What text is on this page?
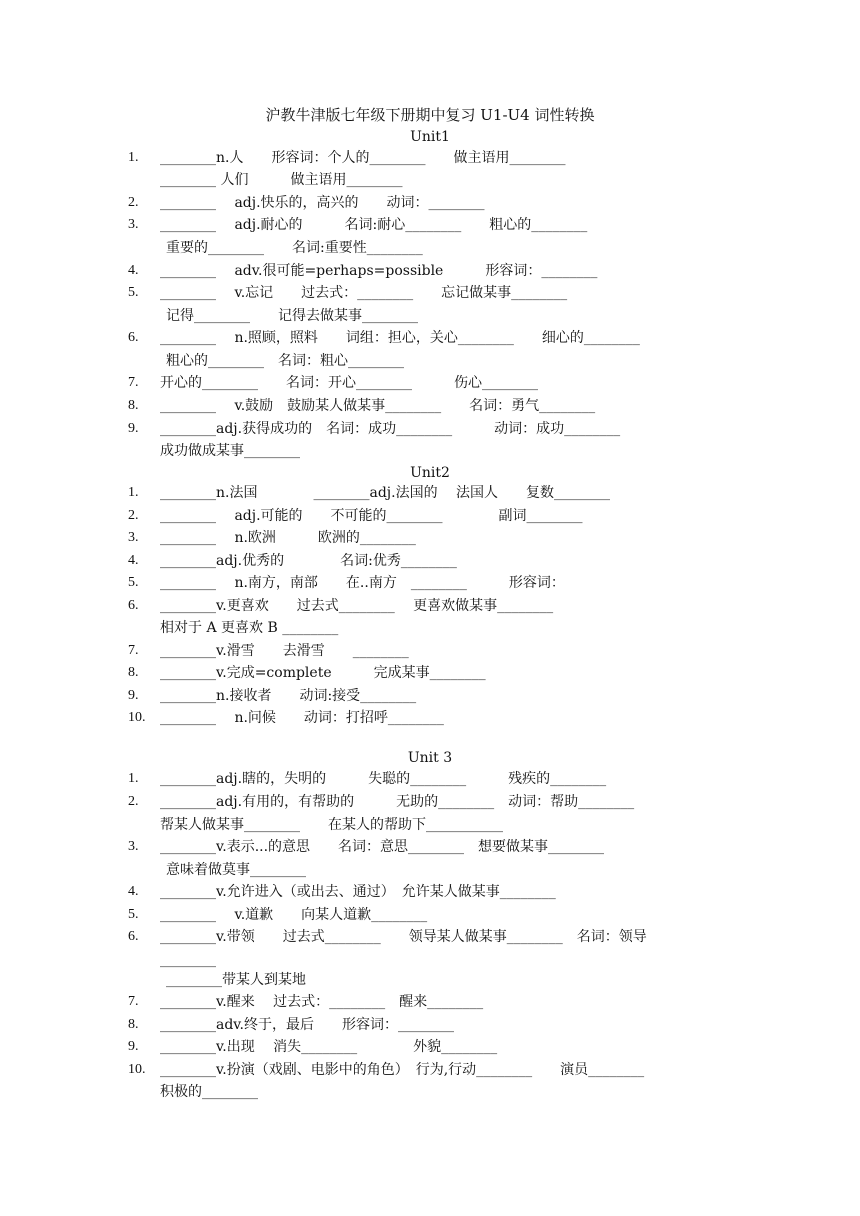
沪教牛津版七年级下册期中复习 U1-U4 词性转换
Unit1
1.	________n.人　　形容词：个人的________　　做主语用________
________ 人们　　　做主语用________
2.	________　 adj.快乐的，高兴的　　动词：________
3.	________　 adj.耐心的　　　名词:耐心________　　粗心的________
重要的________　　名词:重要性________
4.	________　 adv.很可能=perhaps=possible　　　形容词：________
5.	________　 v.忘记　　过去式：________　　忘记做某事________
记得________　　记得去做某事________
6.	________　 n.照顾，照料　　词组：担心，关心________　　细心的________
粗心的________　名词：粗心________
7.	开心的________　　名词：开心________　　　伤心________
8.	________　 v.鼓励　鼓励某人做某事________　　名词：勇气________
9.	________adj.获得成功的　名词：成功________　　　动词：成功________
成功做成某事________
Unit2
1.	________n.法国　　　　________adj.法国的　 法国人　　复数________
2.	________　 adj.可能的　　不可能的________　　　　副词________
3.	________　 n.欧洲　　　欧洲的________
4.	________adj.优秀的　　　　名词:优秀________
5.	________　 n.南方，南部　　在..南方　________　　　形容词：
6.	________v.更喜欢　　过去式________　 更喜欢做某事________
相对于 A 更喜欢 B ________
7.	________v.滑雪　　去滑雪　　________
8.	________v.完成=complete　　　完成某事________
9.	________n.接收者　　动词:接受________
10.	________　 n.问候　　动词：打招呼________
Unit 3
1.	________adj.瞎的，失明的　　　失聪的________　　　残疾的________
2.	________adj.有用的，有帮助的　　　无助的________　动词：帮助________
帮某人做某事________　　在某人的帮助下___________
3.	________v.表示...的意思　　名词：意思________　想要做某事________
意味着做莫事________
4.	________v.允许进入（或出去、通过）　允许某人做某事________
5.	________　 v.道歉　　向某人道歉________
6.	________v.带领　　过去式________　　领导某人做某事________　名词：领导
________
________带某人到某地
7.	________v.醒来　 过去式：________　醒来________
8.	________adv.终于，最后　　形容词：________
9.	________v.出现　 消失________　　　　外貌________
10.	________v.扮演（戏剧、电影中的角色）　行为,行动________　　演员________
积极的________
